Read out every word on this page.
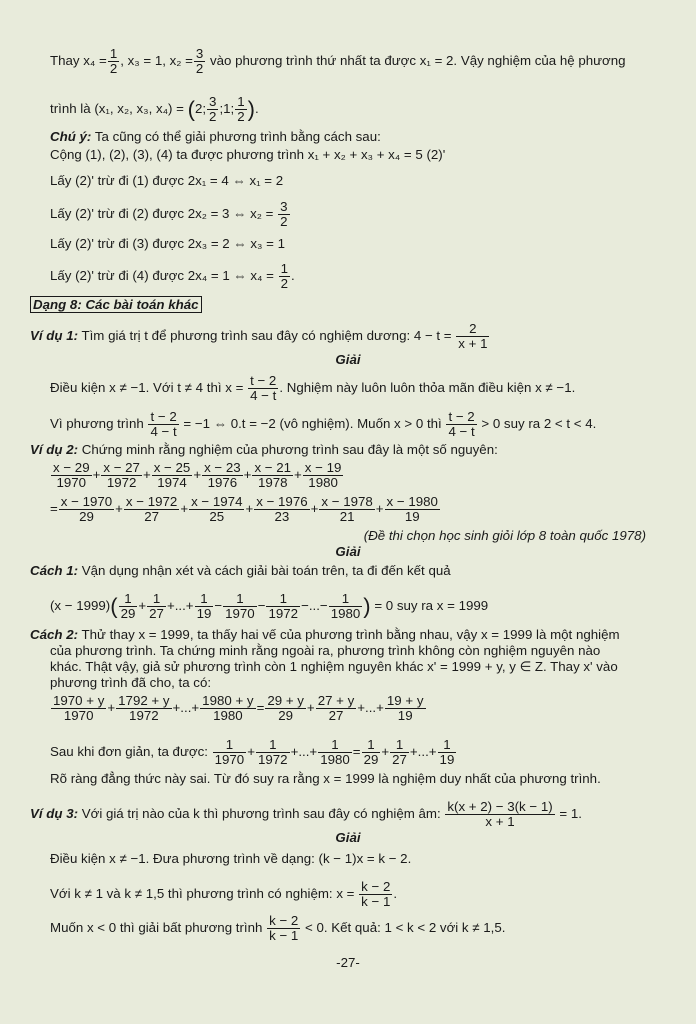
Thay $x_4 = \frac{1}{2}$ , x₃ = 1, $x_2 = \frac{3}{2}$ vào phương trình thứ nhất ta được x₁ = 2. Vậy nghiệm của hệ phương
trình là (x₁, x₂, x₃, x₄) = (2; $\frac{3}{2}$ ;1; $\frac{1}{2}$ ).
Chú ý: Ta cũng có thể giải phương trình bằng cách sau:
Cộng (1), (2), (3), (4) ta được phương trình x₁ + x₂ + x₃ + x₄ = 5 (2)'
Lấy (2)' trừ đi (1) được 2x₁ = 4 ⇔ x₁ = 2
Lấy (2)' trừ đi (2) được 2x₂ = 3 ⇔ $x_2 = \frac{3}{2}$
Lấy (2)' trừ đi (3) được 2x₃ = 2 ⇔ x₃ = 1
Lấy (2)' trừ đi (4) được 2x₄ = 1 ⇔ $x_4 = \frac{1}{2}$ .
Dạng 8: Các bài toán khác
Ví dụ 1: Tìm giá trị t để phương trình sau đây có nghiệm dương: $4 - t = \frac{2}{x + 1}$
Giải
Điều kiện x ≠ −1. Với t ≠ 4 thì $x = \frac{t - 2}{4 - t}$ . Nghiệm này luôn luôn thỏa mãn điều kiện x ≠ −1.
Vì phương trình $\frac{t - 2}{4 - t} = -1$ ⇔ 0.t = −2 (vô nghiệm). Muốn x > 0 thì $\frac{t - 2}{4 - t} > 0$ suy ra 2 < t < 4.
Ví dụ 2: Chứng minh rằng nghiệm của phương trình sau đây là một số nguyên:
$\frac{x - 29}{1970} + \frac{x - 27}{1972} + \frac{x - 25}{1974} + \frac{x - 23}{1976} + \frac{x - 21}{1978} + \frac{x - 19}{1980}$
= $\frac{x - 1970}{29} + \frac{x - 1972}{27} + \frac{x - 1974}{25} + \frac{x - 1976}{23} + \frac{x - 1978}{21} + \frac{x - 1980}{19}$
(Đề thi chọn học sinh giỏi lớp 8 toàn quốc 1978)
Giải
Cách 1: Vận dụng nhận xét và cách giải bài toán trên, ta đi đến kết quả
$(x - 1999)( \frac{1}{29} + \frac{1}{27}$ +...+ $\frac{1}{19} - \frac{1}{1970} - \frac{1}{1972}$ −...− $\frac{1}{1980}$ ) = 0 suy ra x = 1999
Cách 2: Thử thay x = 1999, ta thấy hai vế của phương trình bằng nhau, vậy x = 1999 là một nghiệm
của phương trình. Ta chứng minh rằng ngoài ra, phương trình không còn nghiệm nguyên nào
khác. Thật vậy, giả sử phương trình còn 1 nghiệm nguyên khác x' = 1999 + y, y ∈ Z. Thay x' vào
phương trình đã cho, ta có:
$\frac{1970 + y}{1970} + \frac{1792 + y}{1972}$ +...+ $\frac{1980 + y}{1980} = \frac{29 + y}{29} + \frac{27 + y}{27}$ +...+ $\frac{19 + y}{19}$
Sau khi đơn giản, ta được: $\frac{1}{1970} + \frac{1}{1972}$ +...+ $\frac{1}{1980} = \frac{1}{29} + \frac{1}{27}$ +...+ $\frac{1}{19}$
Rõ ràng đẳng thức này sai. Từ đó suy ra rằng x = 1999 là nghiệm duy nhất của phương trình.
Ví dụ 3: Với giá trị nào của k thì phương trình sau đây có nghiệm âm: $\frac{k(x + 2) - 3(k - 1)}{x + 1} = 1$.
Giải
Điều kiện x ≠ −1. Đưa phương trình về dạng: (k − 1)x = k − 2.
Với k ≠ 1 và k ≠ 1,5 thì phương trình có nghiệm: $x = \frac{k - 2}{k - 1}$ .
Muốn x < 0 thì giải bất phương trình $\frac{k - 2}{k - 1} < 0$. Kết quả: 1 < k < 2 với k ≠ 1,5.
-27-
